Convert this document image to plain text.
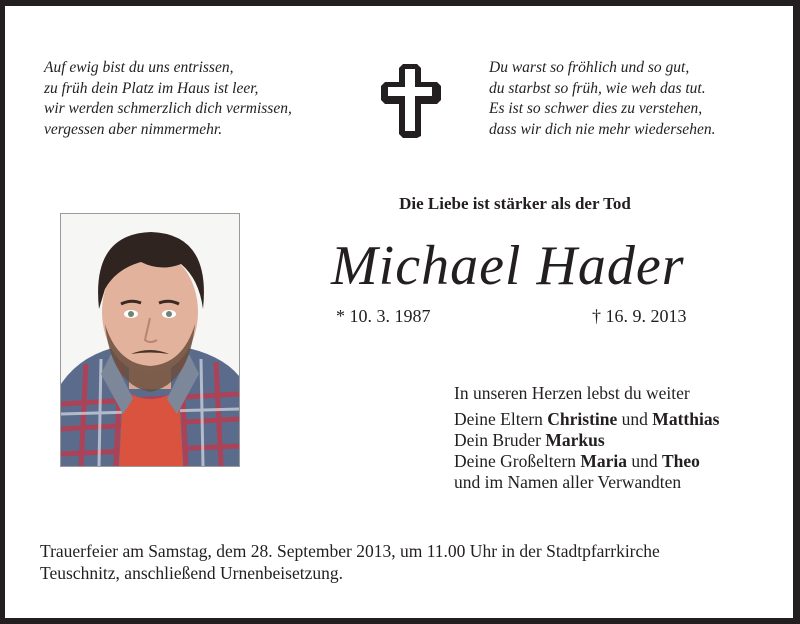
Auf ewig bist du uns entrissen,
zu früh dein Platz im Haus ist leer,
wir werden schmerzlich dich vermissen,
vergessen aber nimmermehr.
Du warst so fröhlich und so gut,
du starbst so früh, wie weh das tut.
Es ist so schwer dies zu verstehen,
dass wir dich nie mehr wiedersehen.
Die Liebe ist stärker als der Tod
Michael Hader
* 10. 3. 1987	† 16. 9. 2013
In unseren Herzen lebst du weiter
Deine Eltern Christine und Matthias
Dein Bruder Markus
Deine Großeltern Maria und Theo
und im Namen aller Verwandten
Trauerfeier am Samstag, dem 28. September 2013, um 11.00 Uhr in der Stadtpfarrkirche
Teuschnitz, anschließend Urnenbeisetzung.
